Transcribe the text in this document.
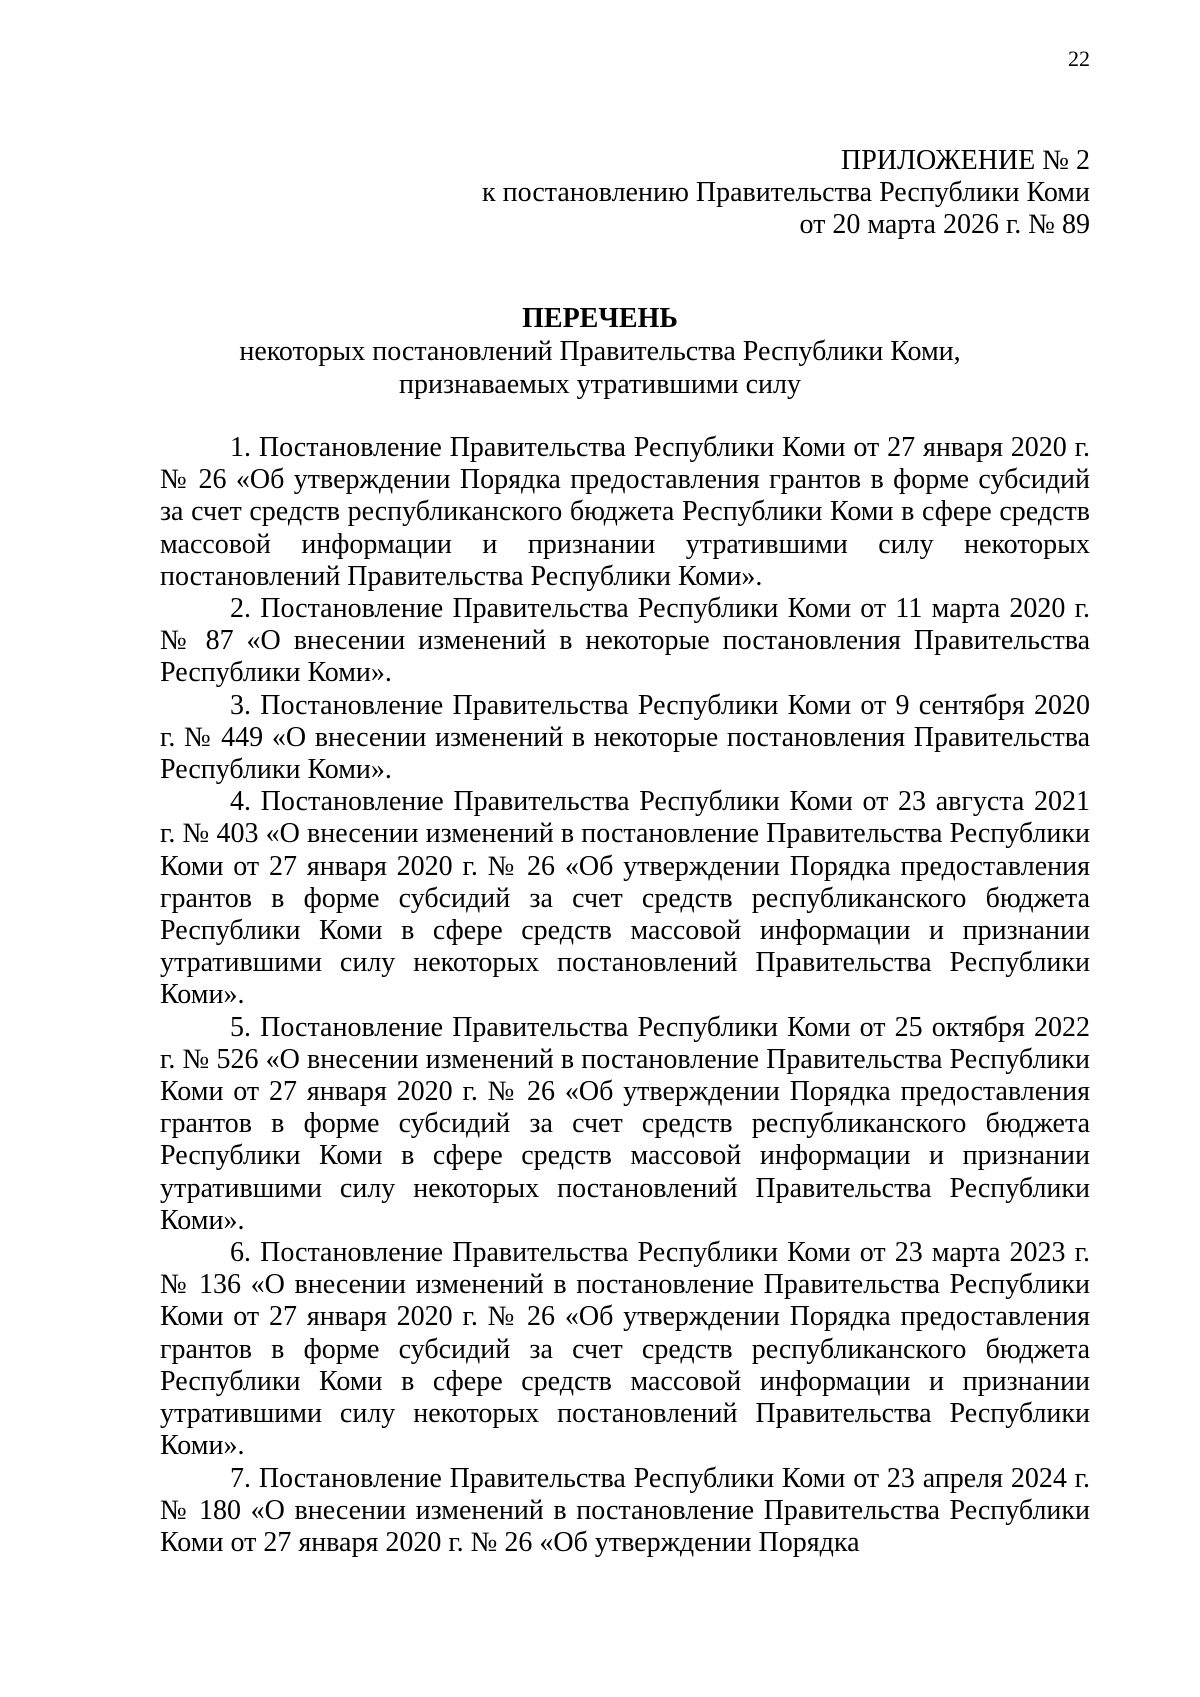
22
ПРИЛОЖЕНИЕ № 2
к постановлению Правительства Республики Коми
от 20 марта 2026 г. № 89
ПЕРЕЧЕНЬ
некоторых постановлений Правительства Республики Коми,
признаваемых утратившими силу

1. Постановление Правительства Республики Коми от 27 января 2020 г. № 26 «Об утверждении Порядка предоставления грантов в форме субсидий за счет средств республиканского бюджета Республики Коми в сфере средств массовой информации и признании утратившими силу некоторых постановлений Правительства Республики Коми».

2. Постановление Правительства Республики Коми от 11 марта 2020 г. № 87 «О внесении изменений в некоторые постановления Правительства Республики Коми».

3. Постановление Правительства Республики Коми от 9 сентября 2020 г. № 449 «О внесении изменений в некоторые постановления Правительства Республики Коми».

4. Постановление Правительства Республики Коми от 23 августа 2021 г. № 403 «О внесении изменений в постановление Правительства Республики Коми от 27 января 2020 г. № 26 «Об утверждении Порядка предоставления грантов в форме субсидий за счет средств республиканского бюджета Республики Коми в сфере средств массовой информации и признании утратившими силу некоторых постановлений Правительства Республики Коми».

5. Постановление Правительства Республики Коми от 25 октября 2022 г. № 526 «О внесении изменений в постановление Правительства Республики Коми от 27 января 2020 г. № 26 «Об утверждении Порядка предоставления грантов в форме субсидий за счет средств республиканского бюджета Республики Коми в сфере средств массовой информации и признании утратившими силу некоторых постановлений Правительства Республики Коми».

6. Постановление Правительства Республики Коми от 23 марта 2023 г. № 136 «О внесении изменений в постановление Правительства Республики Коми от 27 января 2020 г. № 26 «Об утверждении Порядка предоставления грантов в форме субсидий за счет средств республиканского бюджета Республики Коми в сфере средств массовой информации и признании утратившими силу некоторых постановлений Правительства Республики Коми».

7. Постановление Правительства Республики Коми от 23 апреля 2024 г. № 180 «О внесении изменений в постановление Правительства Республики Коми от 27 января 2020 г. № 26 «Об утверждении Порядка
